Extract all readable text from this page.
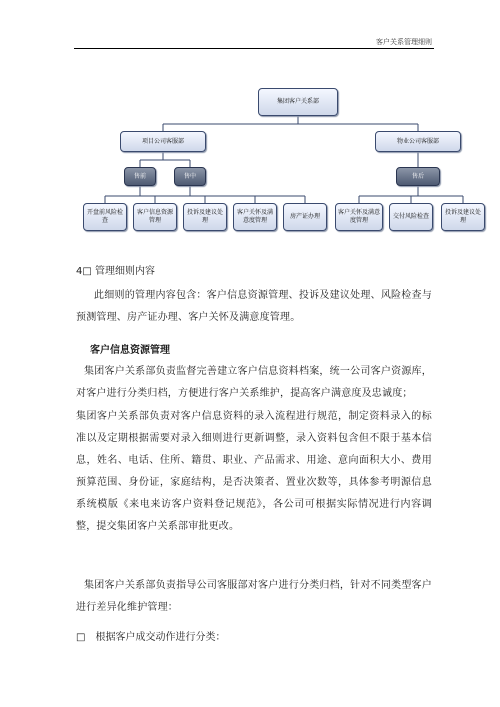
客户关系管理细则
集团客户关系部
项目公司客服部	物业公司客服部
售前	售中	售后
开盘前风险检查
客户信息资源管理
投诉及建议处理
客户关怀及满意度管理
房产证办理
客户关怀及满意度管理
交付风险检查
投诉及建议处理
4□ 管理细则内容
此细则的管理内容包含：客户信息资源管理、投诉及建议处理、风险检查与预测管理、房产证办理、客户关怀及满意度管理。
客户信息资源管理
集团客户关系部负责监督完善建立客户信息资料档案，统一公司客户资源库，对客户进行分类归档，方便进行客户关系维护，提高客户满意度及忠诚度；
集团客户关系部负责对客户信息资料的录入流程进行规范，制定资料录入的标准以及定期根据需要对录入细则进行更新调整，录入资料包含但不限于基本信息，姓名、电话、住所、籍贯、职业、产品需求、用途、意向面积大小、费用预算范围、身份证，家庭结构，是否决策者、置业次数等，具体参考明源信息系统模版《来电来访客户资料登记规范》，各公司可根据实际情况进行内容调整，提交集团客户关系部审批更改。
集团客户关系部负责指导公司客服部对客户进行分类归档，针对不同类型客户进行差异化维护管理：
□　根据客户成交动作进行分类：
